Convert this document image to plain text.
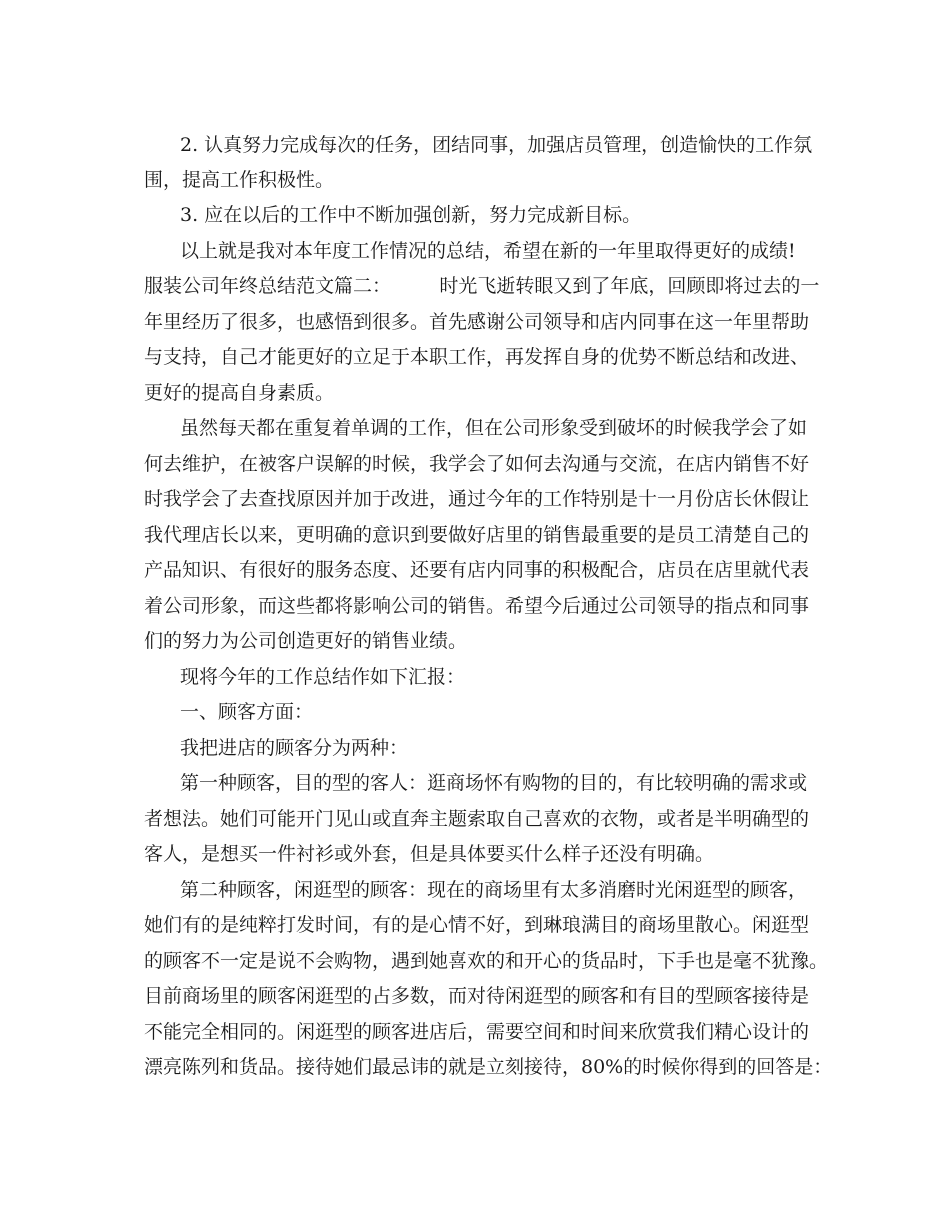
2. 认真努力完成每次的任务，团结同事，加强店员管理，创造愉快的工作氛
围，提高工作积极性。
3. 应在以后的工作中不断加强创新，努力完成新目标。
以上就是我对本年度工作情况的总结，希望在新的一年里取得更好的成绩!
服装公司年终总结范文篇二：        时光飞逝转眼又到了年底，回顾即将过去的一
年里经历了很多，也感悟到很多。首先感谢公司领导和店内同事在这一年里帮助
与支持，自己才能更好的立足于本职工作，再发挥自身的优势不断总结和改进、
更好的提高自身素质。
虽然每天都在重复着单调的工作，但在公司形象受到破坏的时候我学会了如
何去维护，在被客户误解的时候，我学会了如何去沟通与交流，在店内销售不好
时我学会了去查找原因并加于改进，通过今年的工作特别是十一月份店长休假让
我代理店长以来，更明确的意识到要做好店里的销售最重要的是员工清楚自己的
产品知识、有很好的服务态度、还要有店内同事的积极配合，店员在店里就代表
着公司形象，而这些都将影响公司的销售。希望今后通过公司领导的指点和同事
们的努力为公司创造更好的销售业绩。
现将今年的工作总结作如下汇报：
一、顾客方面：
我把进店的顾客分为两种：
第一种顾客，目的型的客人：逛商场怀有购物的目的，有比较明确的需求或
者想法。她们可能开门见山或直奔主题索取自己喜欢的衣物，或者是半明确型的
客人，是想买一件衬衫或外套，但是具体要买什么样子还没有明确。
第二种顾客，闲逛型的顾客：现在的商场里有太多消磨时光闲逛型的顾客，
她们有的是纯粹打发时间，有的是心情不好，到琳琅满目的商场里散心。闲逛型
的顾客不一定是说不会购物，遇到她喜欢的和开心的货品时，下手也是毫不犹豫。
目前商场里的顾客闲逛型的占多数，而对待闲逛型的顾客和有目的型顾客接待是
不能完全相同的。闲逛型的顾客进店后，需要空间和时间来欣赏我们精心设计的
漂亮陈列和货品。接待她们最忌讳的就是立刻接待，80%的时候你得到的回答是：
